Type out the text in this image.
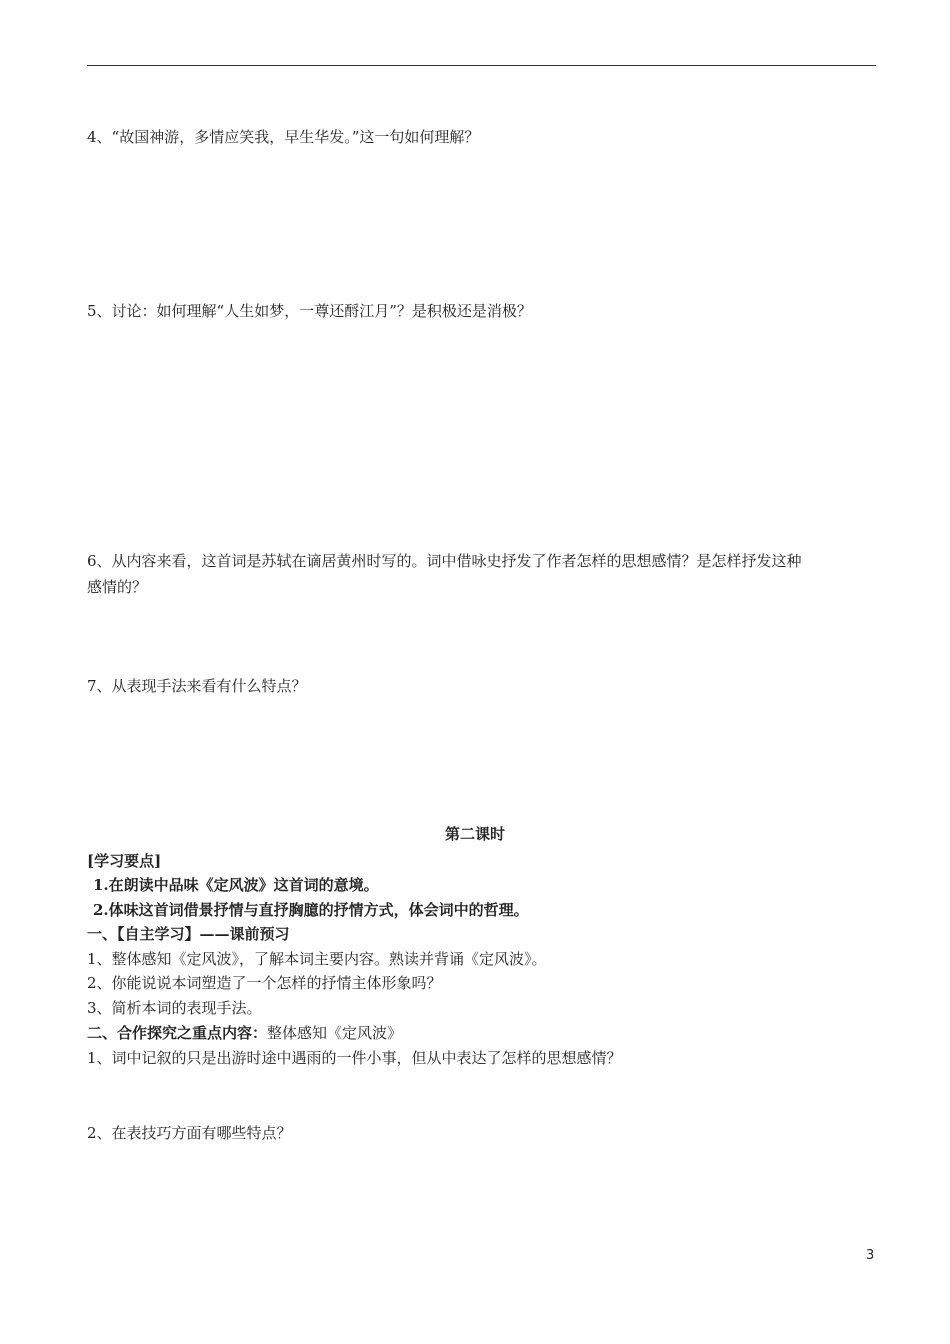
4、“故国神游，多情应笑我，早生华发。”这一句如何理解？
5、讨论：如何理解“人生如梦，一尊还酹江月”？是积极还是消极？
6、从内容来看，这首词是苏轼在谪居黄州时写的。词中借咏史抒发了作者怎样的思想感情？是怎样抒发这种
感情的？
7、从表现手法来看有什么特点？
第二课时
[学习要点]
1.在朗读中品味《定风波》这首词的意境。
2.体味这首词借景抒情与直抒胸臆的抒情方式，体会词中的哲理。
一、【自主学习】——课前预习
1、整体感知《定风波》，了解本词主要内容。熟读并背诵《定风波》。
2、你能说说本词塑造了一个怎样的抒情主体形象吗？
3、简析本词的表现手法。
二、合作探究之重点内容：整体感知《定风波》
1、词中记叙的只是出游时途中遇雨的一件小事，但从中表达了怎样的思想感情？
2、在表技巧方面有哪些特点？
3
